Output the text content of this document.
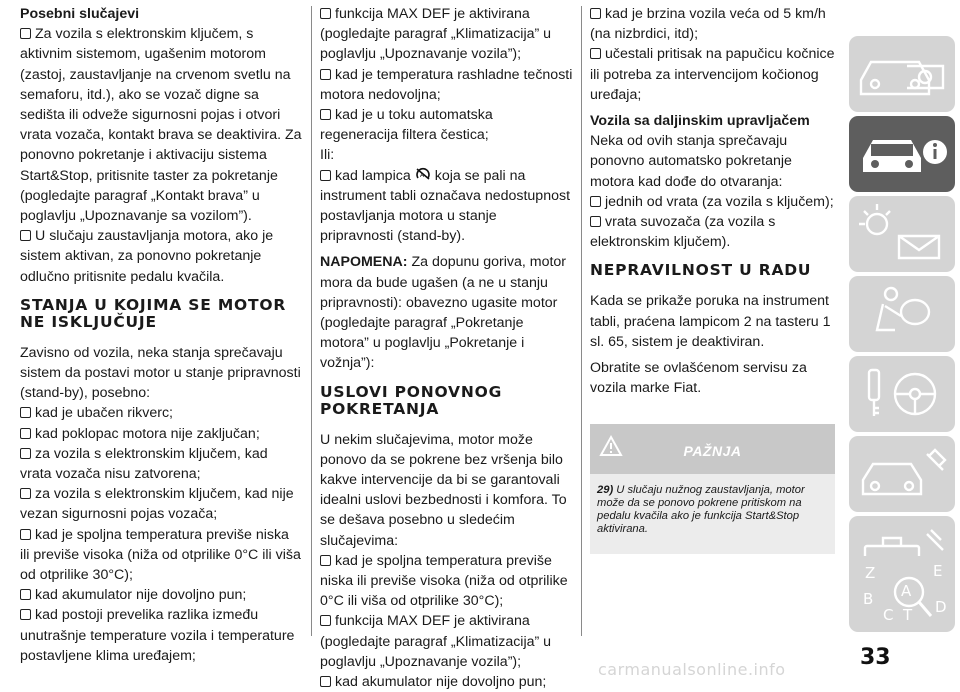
Posebni slučajevi

Za vozila s elektronskim ključem, s aktivnim sistemom, ugašenim motorom (zastoj, zaustavljanje na crvenom svetlu na semaforu, itd.), ako se vozač digne sa sedišta ili odveže sigurnosni pojas i otvori vrata vozača, kontakt brava se deaktivira. Za ponovno pokretanje i aktivaciju sistema Start&Stop, pritisnite taster za pokretanje (pogledajte paragraf „Kontakt brava” u poglavlju „Upoznavanje sa vozilom”).

U slučaju zaustavljanja motora, ako je sistem aktivan, za ponovno pokretanje odlučno pritisnite pedalu kvačila.

STANJA U KOJIMA SE MOTOR NE ISKLJUČUJE

Zavisno od vozila, neka stanja sprečavaju sistem da postavi motor u stanje pripravnosti (stand-by), posebno:

kad je ubačen rikverc;

kad poklopac motora nije zaključan;

za vozila s elektronskim ključem, kad vrata vozača nisu zatvorena;

za vozila s elektronskim ključem, kad nije vezan sigurnosni pojas vozača;

kad je spoljna temperatura previše niska ili previše visoka (niža od otprilike 0°C ili viša od otprilike 30°C);

kad akumulator nije dovoljno pun;

kad postoji prevelika razlika između unutrašnje temperature vozila i temperature postavljene klima uređajem;

funkcija MAX DEF je aktivirana (pogledajte paragraf „Klimatizacija” u poglavlju „Upoznavanje vozila”);

kad je temperatura rashladne tečnosti motora nedovoljna;

kad je u toku automatska regeneracija filtera čestica;

Ili:

kad lampica A koja se pali na instrument tabli označava nedostupnost postavljanja motora u stanje pripravnosti (stand-by).

NAPOMENA: Za dopunu goriva, motor mora da bude ugašen (a ne u stanju pripravnosti): obavezno ugasite motor (pogledajte paragraf „Pokretanje motora” u poglavlju „Pokretanje i vožnja”):

USLOVI PONOVNOG POKRETANJA

U nekim slučajevima, motor može ponovo da se pokrene bez vršenja bilo kakve intervencije da bi se garantovali idealni uslovi bezbednosti i komfora. To se dešava posebno u sledećim slučajevima:

kad je spoljna temperatura previše niska ili previše visoka (niža od otprilike 0°C ili viša od otprilike 30°C);

funkcija MAX DEF je aktivirana (pogledajte paragraf „Klimatizacija” u poglavlju „Upoznavanje vozila”);

kad akumulator nije dovoljno pun;

kad je brzina vozila veća od 5 km/h (na nizbrdici, itd);

učestali pritisak na papučicu kočnice ili potreba za intervencijom kočionog uređaja;

Vozila sa daljinskim upravljačem

Neka od ovih stanja sprečavaju ponovno automatsko pokretanje motora kad dođe do otvaranja:

jednih od vrata (za vozila s ključem);

vrata suvozača (za vozila s elektronskim ključem).

NEPRAVILNOST U RADU

Kada se prikaže poruka na instrument tabli, praćena lampicom 2 na tasteru 1 sl. 65, sistem je deaktiviran.

Obratite se ovlašćenom servisu za vozila marke Fiat.

PAŽNJA
29) U slučaju nužnog zaustavljanja, motor može da se ponovo pokrene pritiskom na pedalu kvačila ako je funkcija Start&Stop aktivirana.
Z	E
A
B
C T D
33
carmanualsonline.info
